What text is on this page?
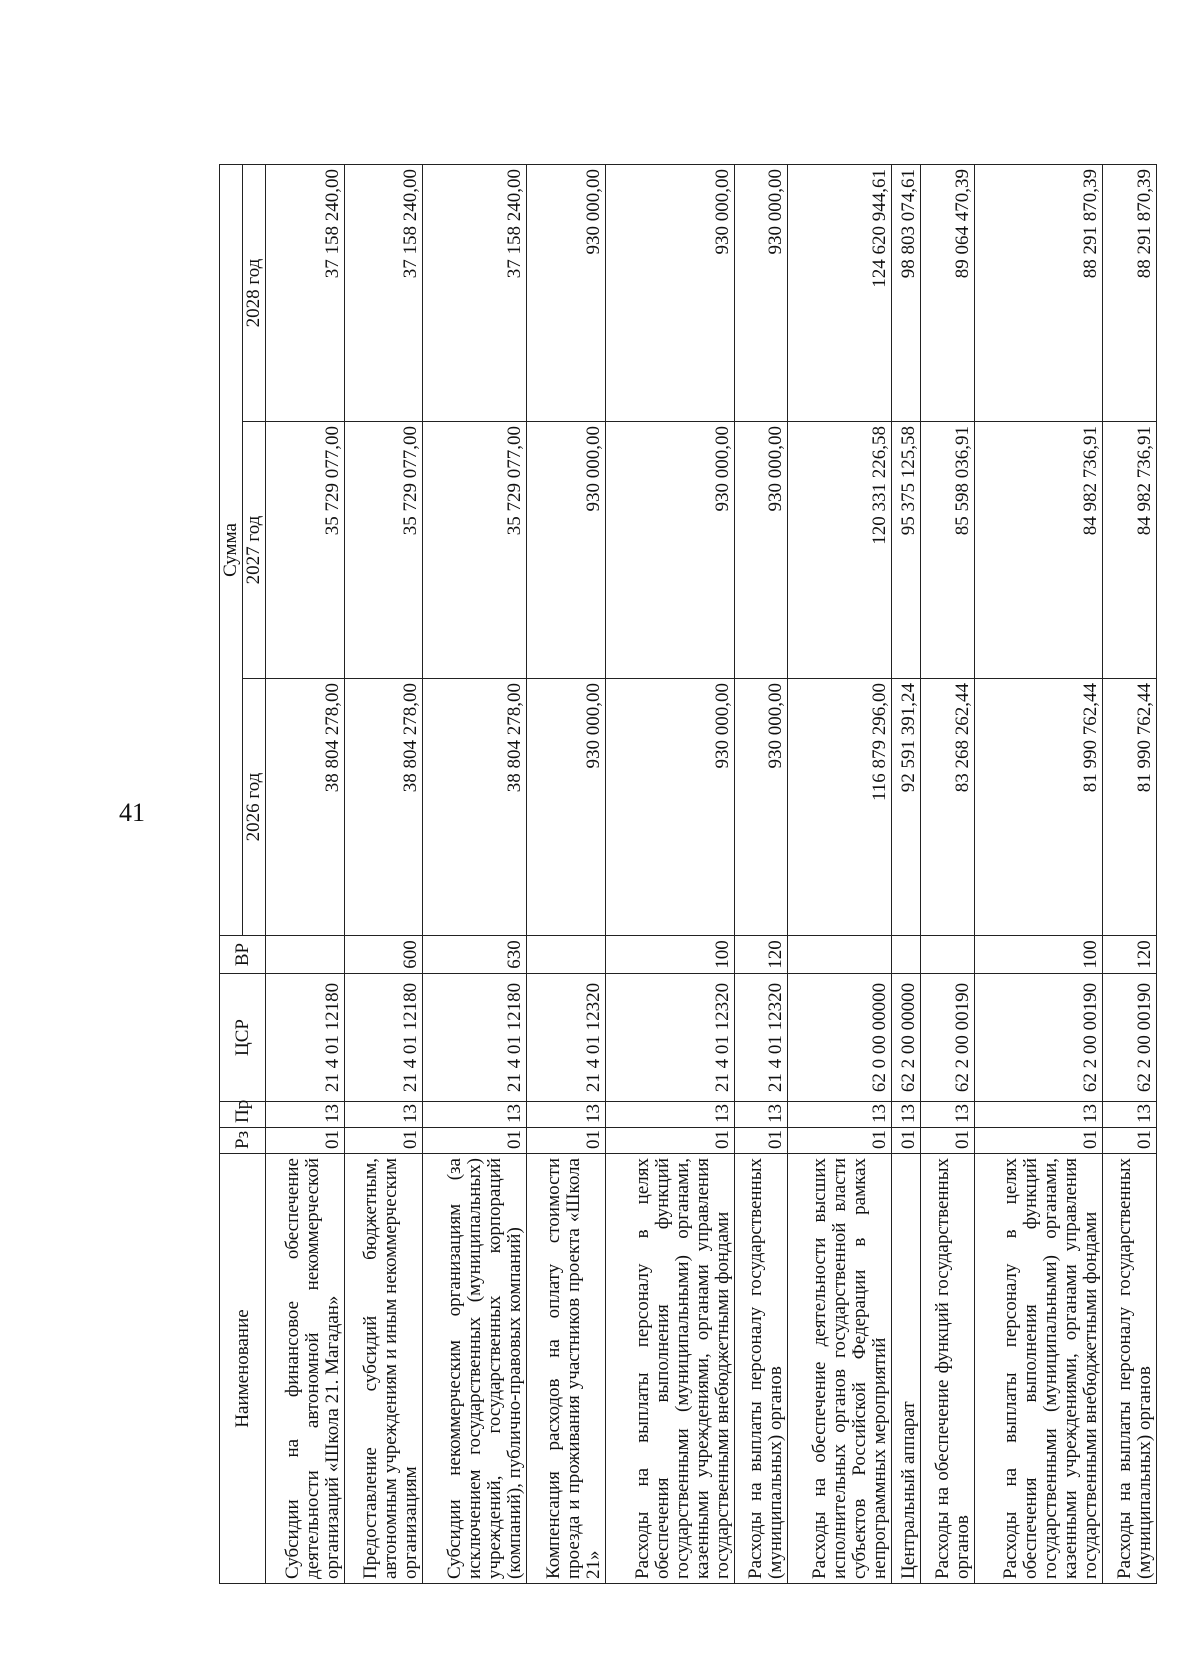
41
Наименование	Рз	Пр	ЦСР	ВР	Сумма		
					2026 год	2027 год	2028 год
Субсидии на финансовое обеспечение деятельности автономной некоммерческой организаций «Школа 21. Магадан»	01	13	21 4 01 12180		38 804 278,00	35 729 077,00	37 158 240,00
Предоставление субсидий бюджетным, автономным учреждениям и иным некоммерческим организациям	01	13	21 4 01 12180	600	38 804 278,00	35 729 077,00	37 158 240,00
Субсидии некоммерческим организациям (за исключением государственных (муниципальных) учреждений, государственных корпораций (компаний), публично-правовых компаний)	01	13	21 4 01 12180	630	38 804 278,00	35 729 077,00	37 158 240,00
Компенсация расходов на оплату стоимости проезда и проживания участников проекта «Школа 21»	01	13	21 4 01 12320		930 000,00	930 000,00	930 000,00
Расходы на выплаты персоналу в целях обеспечения выполнения функций государственными (муниципальными) органами, казенными учреждениями, органами управления государственными внебюджетными фондами	01	13	21 4 01 12320	100	930 000,00	930 000,00	930 000,00
Расходы на выплаты персоналу государственных (муниципальных) органов	01	13	21 4 01 12320	120	930 000,00	930 000,00	930 000,00
Расходы на обеспечение деятельности высших исполнительных органов государственной власти субъектов Российской Федерации в рамках непрограммных мероприятий	01	13	62 0 00 00000		116 879 296,00	120 331 226,58	124 620 944,61
Центральный аппарат	01	13	62 2 00 00000		92 591 391,24	95 375 125,58	98 803 074,61
Расходы на обеспечение функций государственных органов	01	13	62 2 00 00190		83 268 262,44	85 598 036,91	89 064 470,39
Расходы на выплаты персоналу в целях обеспечения выполнения функций государственными (муниципальными) органами, казенными учреждениями, органами управления государственными внебюджетными фондами	01	13	62 2 00 00190	100	81 990 762,44	84 982 736,91	88 291 870,39
Расходы на выплаты персоналу государственных (муниципальных) органов	01	13	62 2 00 00190	120	81 990 762,44	84 982 736,91	88 291 870,39
